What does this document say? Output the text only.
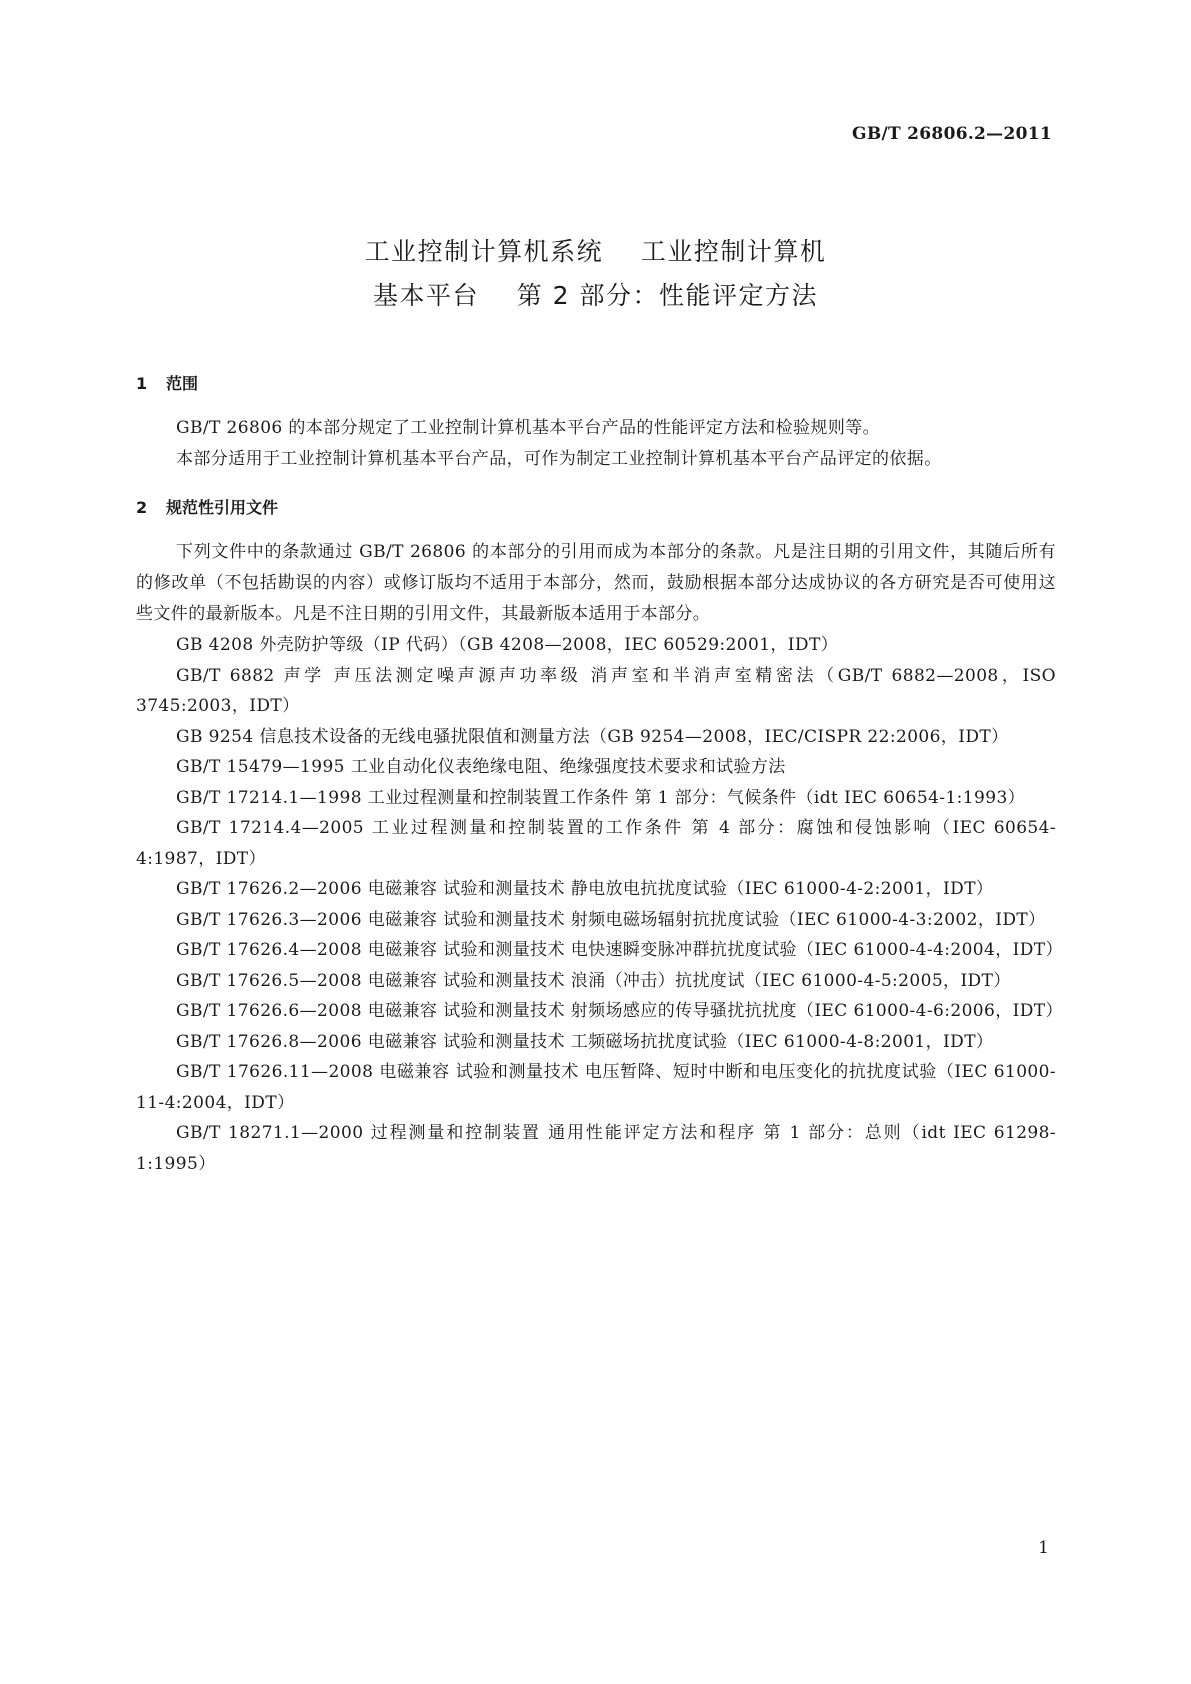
GB/T 26806.2—2011
工业控制计算机系统    工业控制计算机
基本平台    第 2 部分：性能评定方法

1 范围

GB/T 26806 的本部分规定了工业控制计算机基本平台产品的性能评定方法和检验规则等。

本部分适用于工业控制计算机基本平台产品，可作为制定工业控制计算机基本平台产品评定的依据。

2 规范性引用文件

下列文件中的条款通过 GB/T 26806 的本部分的引用而成为本部分的条款。凡是注日期的引用文件，其随后所有的修改单（不包括勘误的内容）或修订版均不适用于本部分，然而，鼓励根据本部分达成协议的各方研究是否可使用这些文件的最新版本。凡是不注日期的引用文件，其最新版本适用于本部分。

GB 4208 外壳防护等级（IP 代码）（GB 4208—2008，IEC 60529:2001，IDT）

GB/T 6882 声学 声压法测定噪声源声功率级 消声室和半消声室精密法（GB/T 6882—2008，ISO 3745:2003，IDT）

GB 9254 信息技术设备的无线电骚扰限值和测量方法（GB 9254—2008，IEC/CISPR 22:2006，IDT）

GB/T 15479—1995 工业自动化仪表绝缘电阻、绝缘强度技术要求和试验方法

GB/T 17214.1—1998 工业过程测量和控制装置工作条件 第 1 部分：气候条件（idt IEC 60654-1:1993）

GB/T 17214.4—2005 工业过程测量和控制装置的工作条件 第 4 部分：腐蚀和侵蚀影响（IEC 60654-4:1987，IDT）

GB/T 17626.2—2006 电磁兼容 试验和测量技术 静电放电抗扰度试验（IEC 61000-4-2:2001，IDT）

GB/T 17626.3—2006 电磁兼容 试验和测量技术 射频电磁场辐射抗扰度试验（IEC 61000-4-3:2002，IDT）

GB/T 17626.4—2008 电磁兼容 试验和测量技术 电快速瞬变脉冲群抗扰度试验（IEC 61000-4-4:2004，IDT）

GB/T 17626.5—2008 电磁兼容 试验和测量技术 浪涌（冲击）抗扰度试（IEC 61000-4-5:2005，IDT）

GB/T 17626.6—2008 电磁兼容 试验和测量技术 射频场感应的传导骚扰抗扰度（IEC 61000-4-6:2006，IDT）

GB/T 17626.8—2006 电磁兼容 试验和测量技术 工频磁场抗扰度试验（IEC 61000-4-8:2001，IDT）

GB/T 17626.11—2008 电磁兼容 试验和测量技术 电压暂降、短时中断和电压变化的抗扰度试验（IEC 61000-11-4:2004，IDT）

GB/T 18271.1—2000 过程测量和控制装置 通用性能评定方法和程序 第 1 部分：总则（idt IEC 61298-1:1995）

1
